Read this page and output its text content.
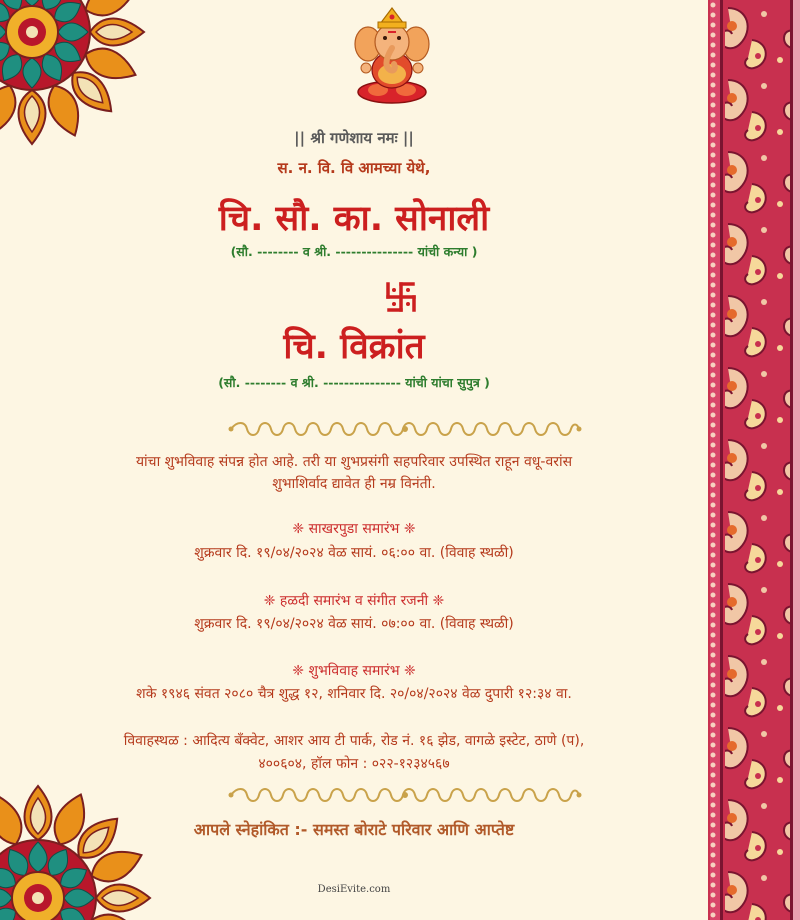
|| श्री गणेशाय नमः ||
स. न. वि. वि आमच्या येथे,
चि. सौ. का. सोनाली
(सौ. -------- व श्री. --------------- यांची कन्या )
चि. विक्रांत
(सौ. -------- व श्री. --------------- यांची यांचा सुपुत्र )
यांचा शुभविवाह संपन्न होत आहे. तरी या शुभप्रसंगी सहपरिवार उपस्थित राहून वधू-वरांस
शुभाशिर्वाद द्यावेत ही नम्र विनंती.
❈ साखरपुडा समारंभ ❈
शुक्रवार दि. १९/०४/२०२४ वेळ सायं. ०६:०० वा. (विवाह स्थळी)
❈ हळदी समारंभ व संगीत रजनी ❈
शुक्रवार दि. १९/०४/२०२४ वेळ सायं. ०७:०० वा. (विवाह स्थळी)
❈ शुभविवाह समारंभ ❈
शके १९४६ संवत २०८० चैत्र शुद्ध १२, शनिवार दि. २०/०४/२०२४ वेळ दुपारी १२:३४ वा.
विवाहस्थळ : आदित्य बँक्वेट, आशर आय टी पार्क, रोड नं. १६ झेड, वागळे इस्टेट, ठाणे (प),
४००६०४, हॉल फोन : ०२२-१२३४५६७
आपले स्नेहांकित :- समस्त बोराटे परिवार आणि आप्तेष्ट
DesiEvite.com
